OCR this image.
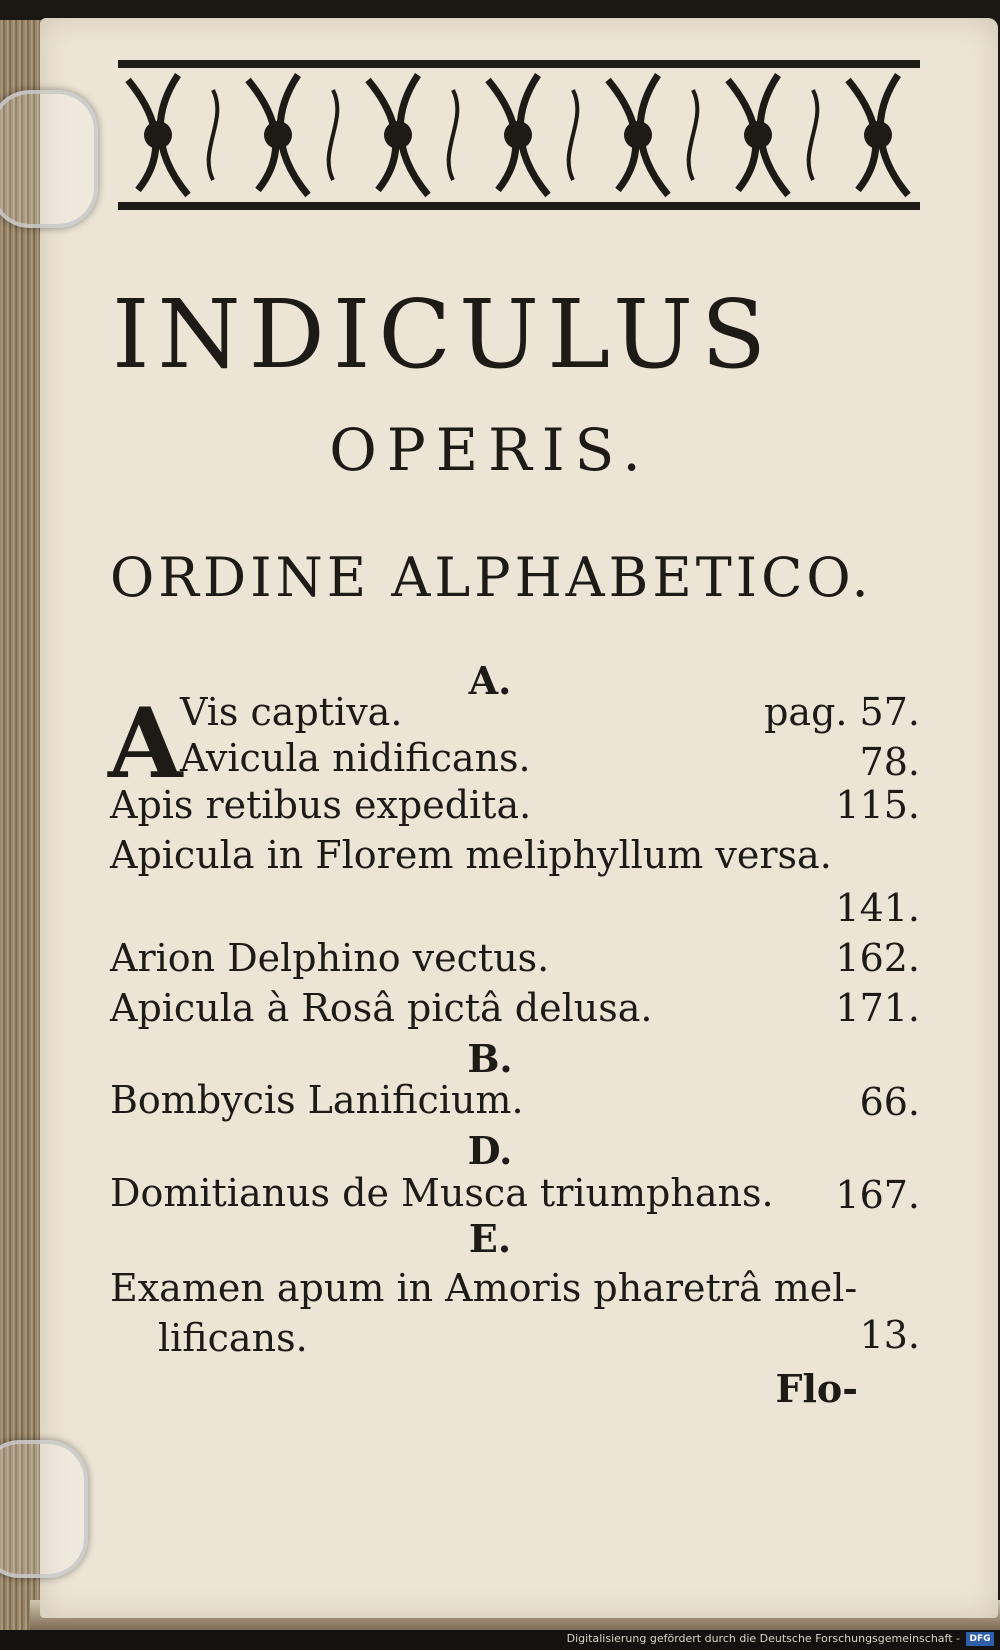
INDICULUS
OPERIS.
ORDINE ALPHABETICO.
A.
A
Vis captiva.	pag. 57.
Avicula nidificans.	78.
Apis retibus expedita.	115.
Apicula in Florem meliphyllum versa.
141.
Arion Delphino vectus.	162.
Apicula à Rosâ pictâ delusa.	171.
B.
Bombycis Lanificium.	66.
D.
Domitianus de Musca triumphans.	167.
E.
Examen apum in Amoris pharetrâ mel-
lificans.	13.
Flo-
Digitalisierung gefördert durch die Deutsche Forschungsgemeinschaft -	DFG
